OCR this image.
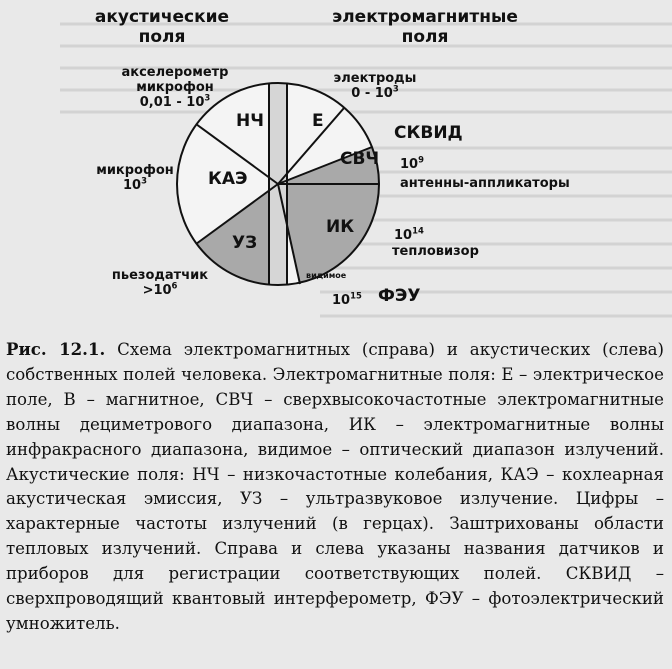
акустические
поля
электромагнитные
поля
НЧ	Е
КАЭ
СВЧ
УЗ
ИК
видимое
акселерометр
микрофон
$0,01 - 10^3$
микрофон
$10^3$
пьезодатчик
$>10^6$
электроды
$0 - 10^3$
СКВИД
$10^9$
антенны-аппликаторы
$10^{14}$
тепловизор
$10^{15}$ ФЭУ
Рис. 12.1. Схема электромагнитных (справа) и акустических (слева) собственных полей человека. Электромагнитные поля: Е – электрическое поле, В – магнитное, СВЧ – сверхвысокочастотные электромагнитные волны дециметрового диапазона, ИК – электромагнитные волны инфракрасного диапазона, видимое – оптический диапазон излучений. Акустические поля: НЧ – низкочастотные колебания, КАЭ – кохлеарная акустическая эмиссия, УЗ – ультразвуковое излучение. Цифры – характерные частоты излучений (в герцах). Заштрихованы области тепловых излучений. Справа и слева указаны названия датчиков и приборов для регистрации соответствующих полей. СКВИД – сверхпроводящий квантовый интерферометр, ФЭУ – фотоэлектрический умножитель.
